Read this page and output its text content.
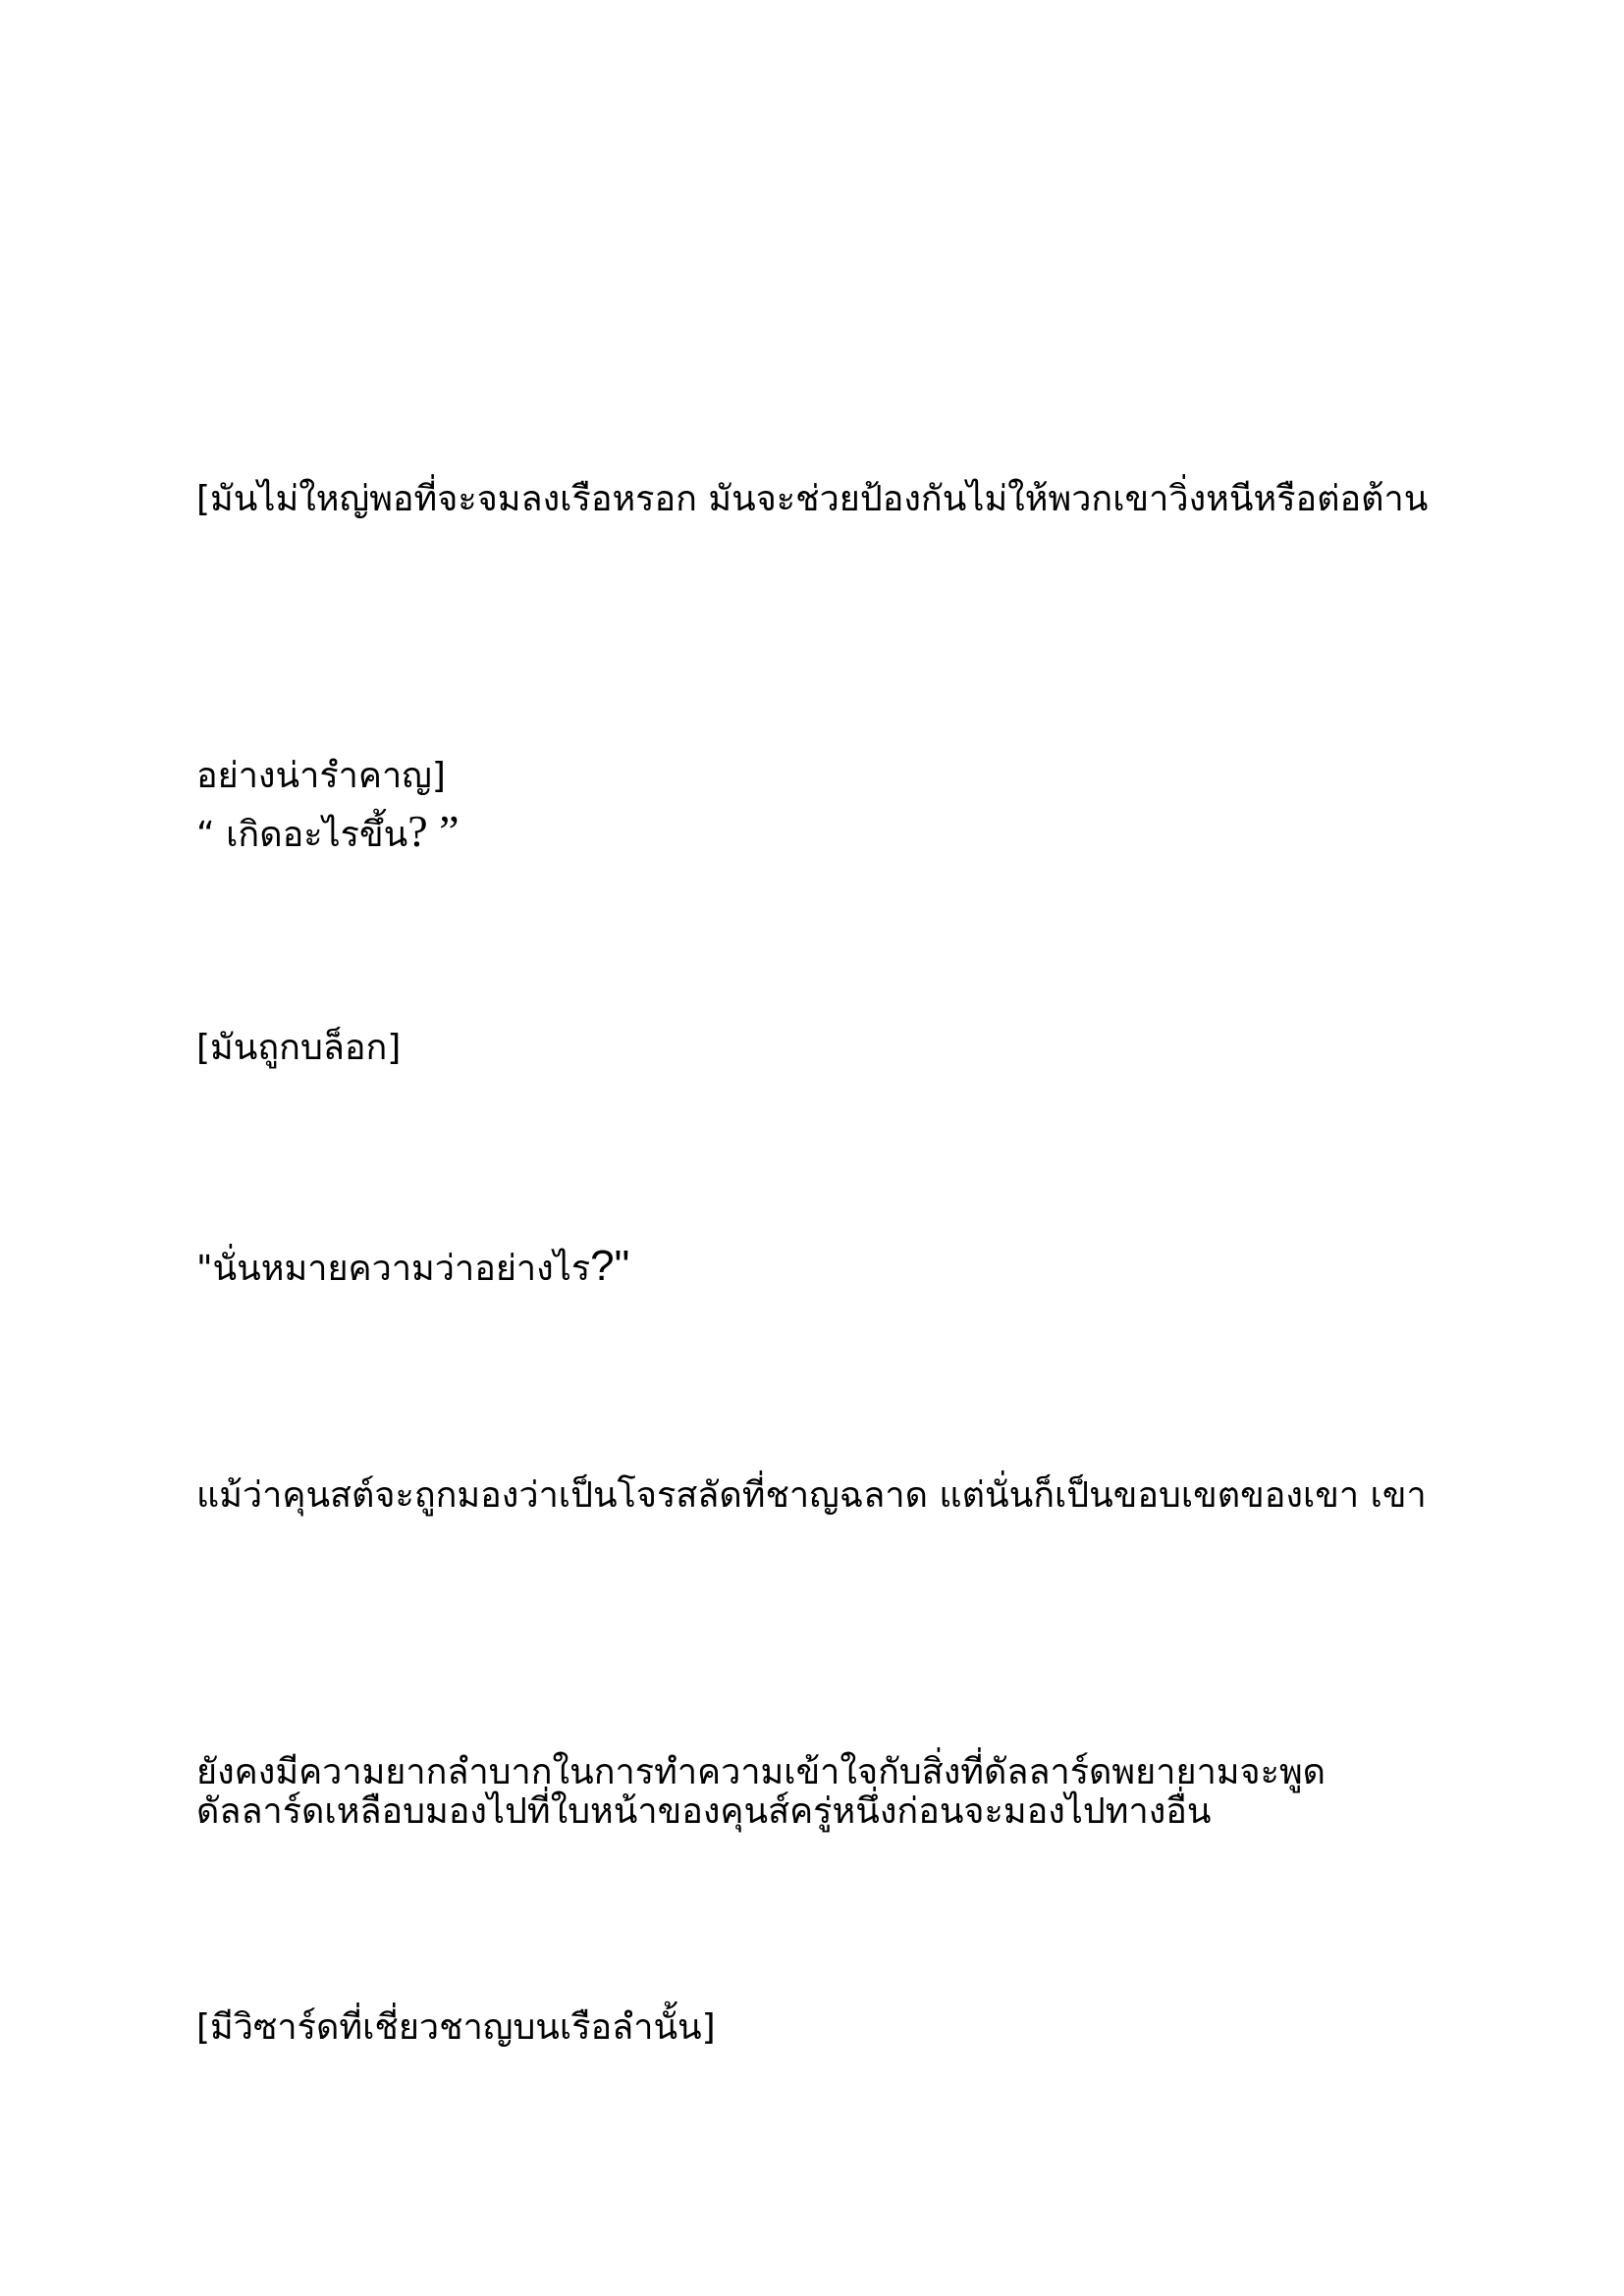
[มันไม่ใหญ่พอที่จะจมลงเรือหรอก มันจะช่วยป้องกันไม่ให้พวกเขาวิ่งหนีหรือต่อต้าน

อย่างน่ารำคาญ]

“ เกิดอะไรขึ้น? ”

[มันถูกบล็อก]

"นั่นหมายความว่าอย่างไร?"

แม้ว่าคุนสต์จะถูกมองว่าเป็นโจรสลัดที่ชาญฉลาด แต่นั่นก็เป็นขอบเขตของเขา เขา

ยังคงมีความยากลำบากในการทำความเข้าใจกับสิ่งที่ดัลลาร์ดพยายามจะพูด

ดัลลาร์ดเหลือบมองไปที่ใบหน้าของคุนส์ครู่หนึ่งก่อนจะมองไปทางอื่น

[มีวิซาร์ดที่เชี่ยวชาญบนเรือลำนั้น]
